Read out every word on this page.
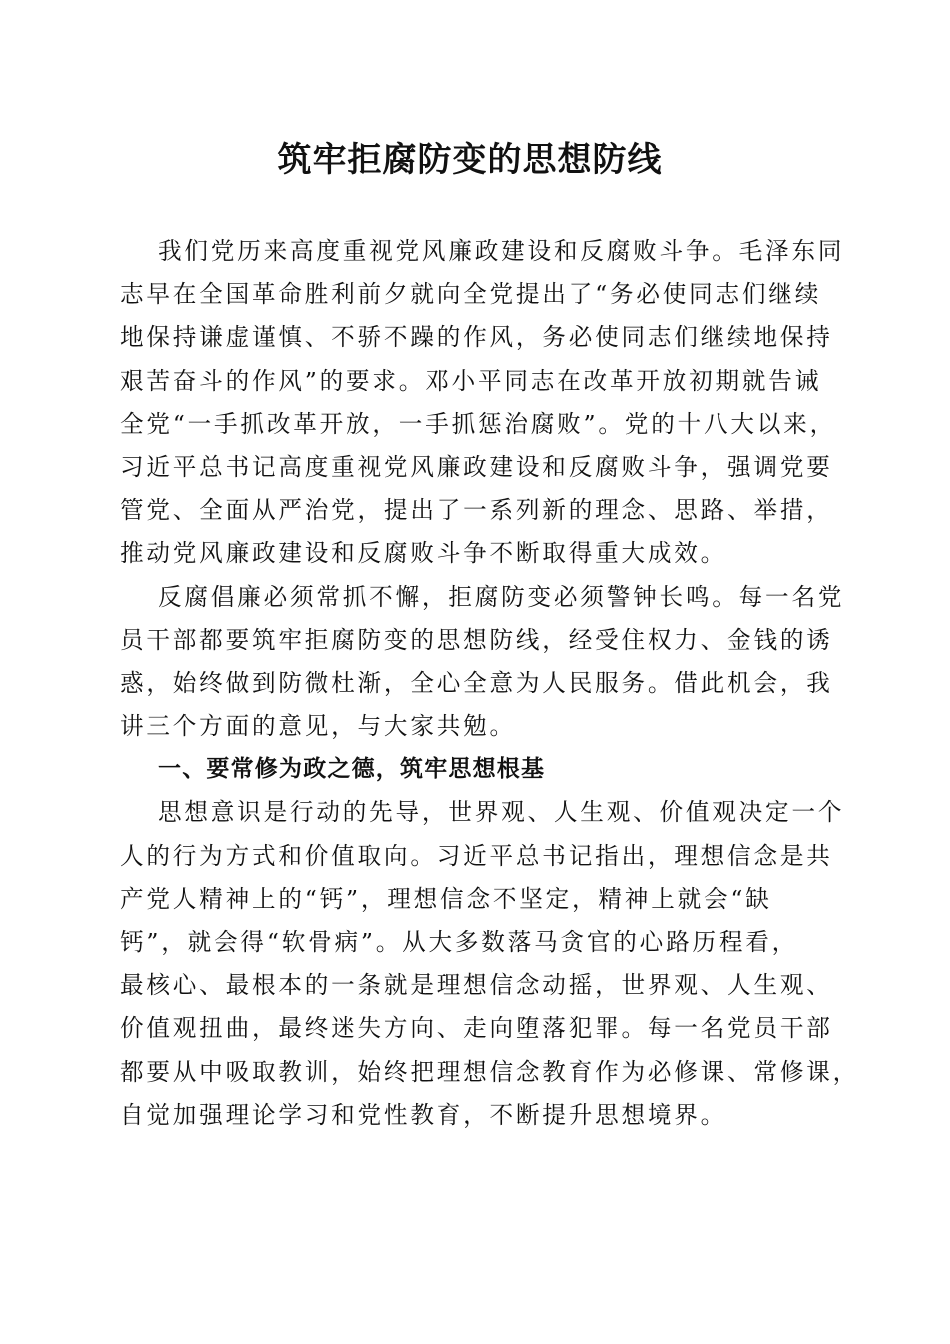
筑牢拒腐防变的思想防线
我们党历来高度重视党风廉政建设和反腐败斗争。毛泽东同
志早在全国革命胜利前夕就向全党提出了“务必使同志们继续
地保持谦虚谨慎、不骄不躁的作风，务必使同志们继续地保持
艰苦奋斗的作风”的要求。邓小平同志在改革开放初期就告诫
全党“一手抓改革开放，一手抓惩治腐败”。党的十八大以来，
习近平总书记高度重视党风廉政建设和反腐败斗争，强调党要
管党、全面从严治党，提出了一系列新的理念、思路、举措，
推动党风廉政建设和反腐败斗争不断取得重大成效。
反腐倡廉必须常抓不懈，拒腐防变必须警钟长鸣。每一名党
员干部都要筑牢拒腐防变的思想防线，经受住权力、金钱的诱
惑，始终做到防微杜渐，全心全意为人民服务。借此机会，我
讲三个方面的意见，与大家共勉。
一、要常修为政之德，筑牢思想根基
思想意识是行动的先导，世界观、人生观、价值观决定一个
人的行为方式和价值取向。习近平总书记指出，理想信念是共
产党人精神上的“钙”，理想信念不坚定，精神上就会“缺
钙”，就会得“软骨病”。从大多数落马贪官的心路历程看，
最核心、最根本的一条就是理想信念动摇，世界观、人生观、
价值观扭曲，最终迷失方向、走向堕落犯罪。每一名党员干部
都要从中吸取教训，始终把理想信念教育作为必修课、常修课，
自觉加强理论学习和党性教育，不断提升思想境界。
